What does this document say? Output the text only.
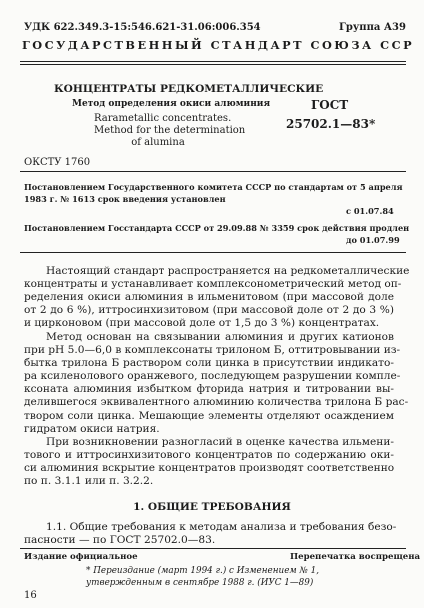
УДК 622.349.3-15:546.621-31.06:006.354	Группа А39
ГОСУДАРСТВЕННЫЙ СТАНДАРТ СОЮЗА ССР
КОНЦЕНТРАТЫ РЕДКОМЕТАЛЛИЧЕСКИЕ
Метод определения окиси алюминия
Rarametallic concentrates.
Method for the determination
of alumina
ГОСТ
25702.1—83*
ОКСТУ 1760
Постановлением Государственного комитета СССР по стандартам от 5 апреля
1983 г. № 1613 срок введения установлен
с 01.07.84
Постановлением Госстандарта СССР от 29.09.88 № 3359 срок действия продлен
до 01.07.99
Настоящий стандарт распространяется на редкометаллические
концентраты и устанавливает комплексонометрический метод оп-
ределения окиси алюминия в ильменитовом (при массовой доле
от 2 до 6 %), иттросинхизитовом (при массовой доле от 2 до 3 %)
и цирконовом (при массовой доле от 1,5 до 3 %) концентратах.
Метод основан на связывании алюминия и других катионов
при pH 5.0—6,0 в комплексонаты трилоном Б, оттитровывании из-
бытка трилона Б раствором соли цинка в присутствии индикато-
ра ксиленолового оранжевого, последующем разрушении компле-
ксоната алюминия избытком фторида натрия и титровании вы-
делившегося эквивалентного алюминию количества трилона Б рас-
твором соли цинка. Мешающие элементы отделяют осаждением
гидратом окиси натрия.
При возникновении разногласий в оценке качества ильмени-
тового и иттросинхизитового концентратов по содержанию оки-
си алюминия вскрытие концентратов производят соответственно
по п. 3.1.1 или п. 3.2.2.
1. ОБЩИЕ ТРЕБОВАНИЯ
1.1. Общие требования к методам анализа и требования безо-
пасности — по ГОСТ 25702.0—83.
Издание официальное	Перепечатка воспрещена
* Переиздание (март 1994 г.) с Изменением № 1,
утвержденным в сентябре 1988 г. (ИУС 1—89)
16
